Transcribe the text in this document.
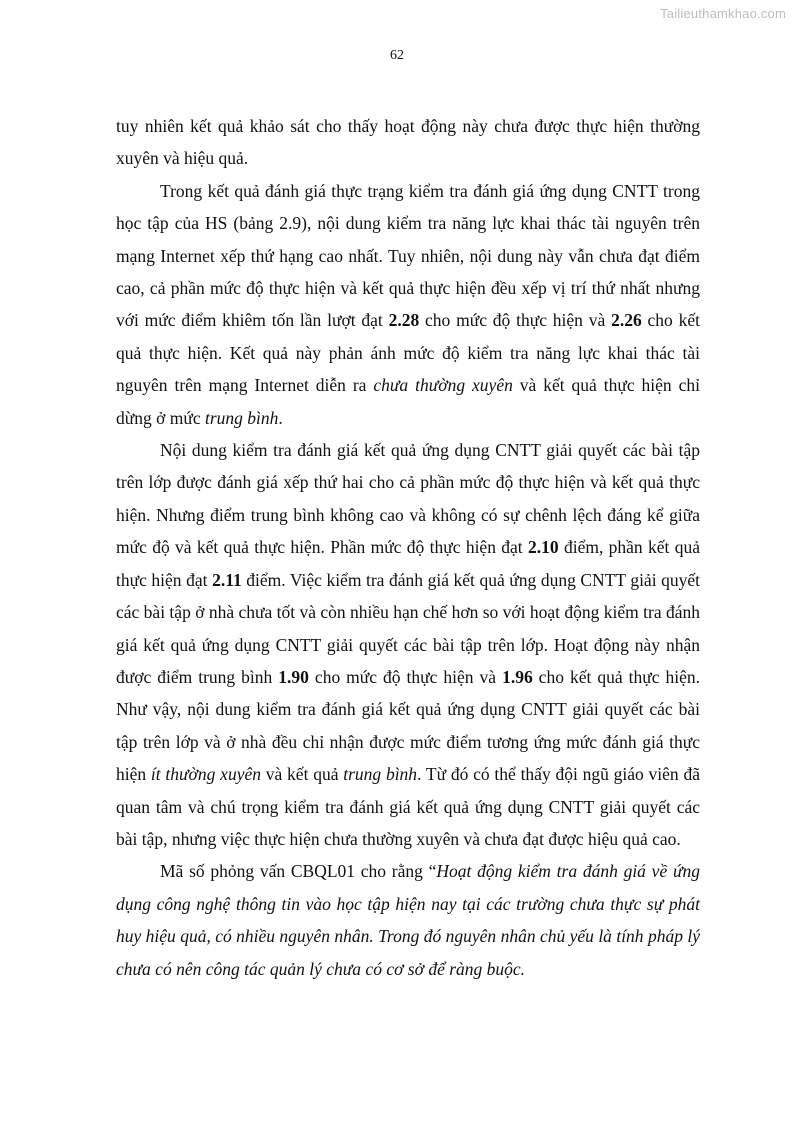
Tailieuthamkhao.com
62

tuy nhiên kết quả khảo sát cho thấy hoạt động này chưa được thực hiện thường xuyên và hiệu quả.

Trong kết quả đánh giá thực trạng kiểm tra đánh giá ứng dụng CNTT trong học tập của HS (bảng 2.9), nội dung kiểm tra năng lực khai thác tài nguyên trên mạng Internet xếp thứ hạng cao nhất. Tuy nhiên, nội dung này vẫn chưa đạt điểm cao, cả phần mức độ thực hiện và kết quả thực hiện đều xếp vị trí thứ nhất nhưng với mức điểm khiêm tốn lần lượt đạt 2.28 cho mức độ thực hiện và 2.26 cho kết quả thực hiện. Kết quả này phản ánh mức độ kiểm tra năng lực khai thác tài nguyên trên mạng Internet diễn ra chưa thường xuyên và kết quả thực hiện chỉ dừng ở mức trung bình.

Nội dung kiểm tra đánh giá kết quả ứng dụng CNTT giải quyết các bài tập trên lớp được đánh giá xếp thứ hai cho cả phần mức độ thực hiện và kết quả thực hiện. Nhưng điểm trung bình không cao và không có sự chênh lệch đáng kể giữa mức độ và kết quả thực hiện. Phần mức độ thực hiện đạt 2.10 điểm, phần kết quả thực hiện đạt 2.11 điểm. Việc kiểm tra đánh giá kết quả ứng dụng CNTT giải quyết các bài tập ở nhà chưa tốt và còn nhiều hạn chế hơn so với hoạt động kiểm tra đánh giá kết quả ứng dụng CNTT giải quyết các bài tập trên lớp. Hoạt động này nhận được điểm trung bình 1.90 cho mức độ thực hiện và 1.96 cho kết quả thực hiện. Như vậy, nội dung kiểm tra đánh giá kết quả ứng dụng CNTT giải quyết các bài tập trên lớp và ở nhà đều chỉ nhận được mức điểm tương ứng mức đánh giá thực hiện ít thường xuyên và kết quả trung bình. Từ đó có thể thấy đội ngũ giáo viên đã quan tâm và chú trọng kiểm tra đánh giá kết quả ứng dụng CNTT giải quyết các bài tập, nhưng việc thực hiện chưa thường xuyên và chưa đạt được hiệu quả cao.

Mã số phỏng vấn CBQL01 cho rằng “Hoạt động kiểm tra đánh giá về ứng dụng công nghệ thông tin vào học tập hiện nay tại các trường chưa thực sự phát huy hiệu quả, có nhiều nguyên nhân. Trong đó nguyên nhân chủ yếu là tính pháp lý chưa có nên công tác quản lý chưa có cơ sở để ràng buộc.
